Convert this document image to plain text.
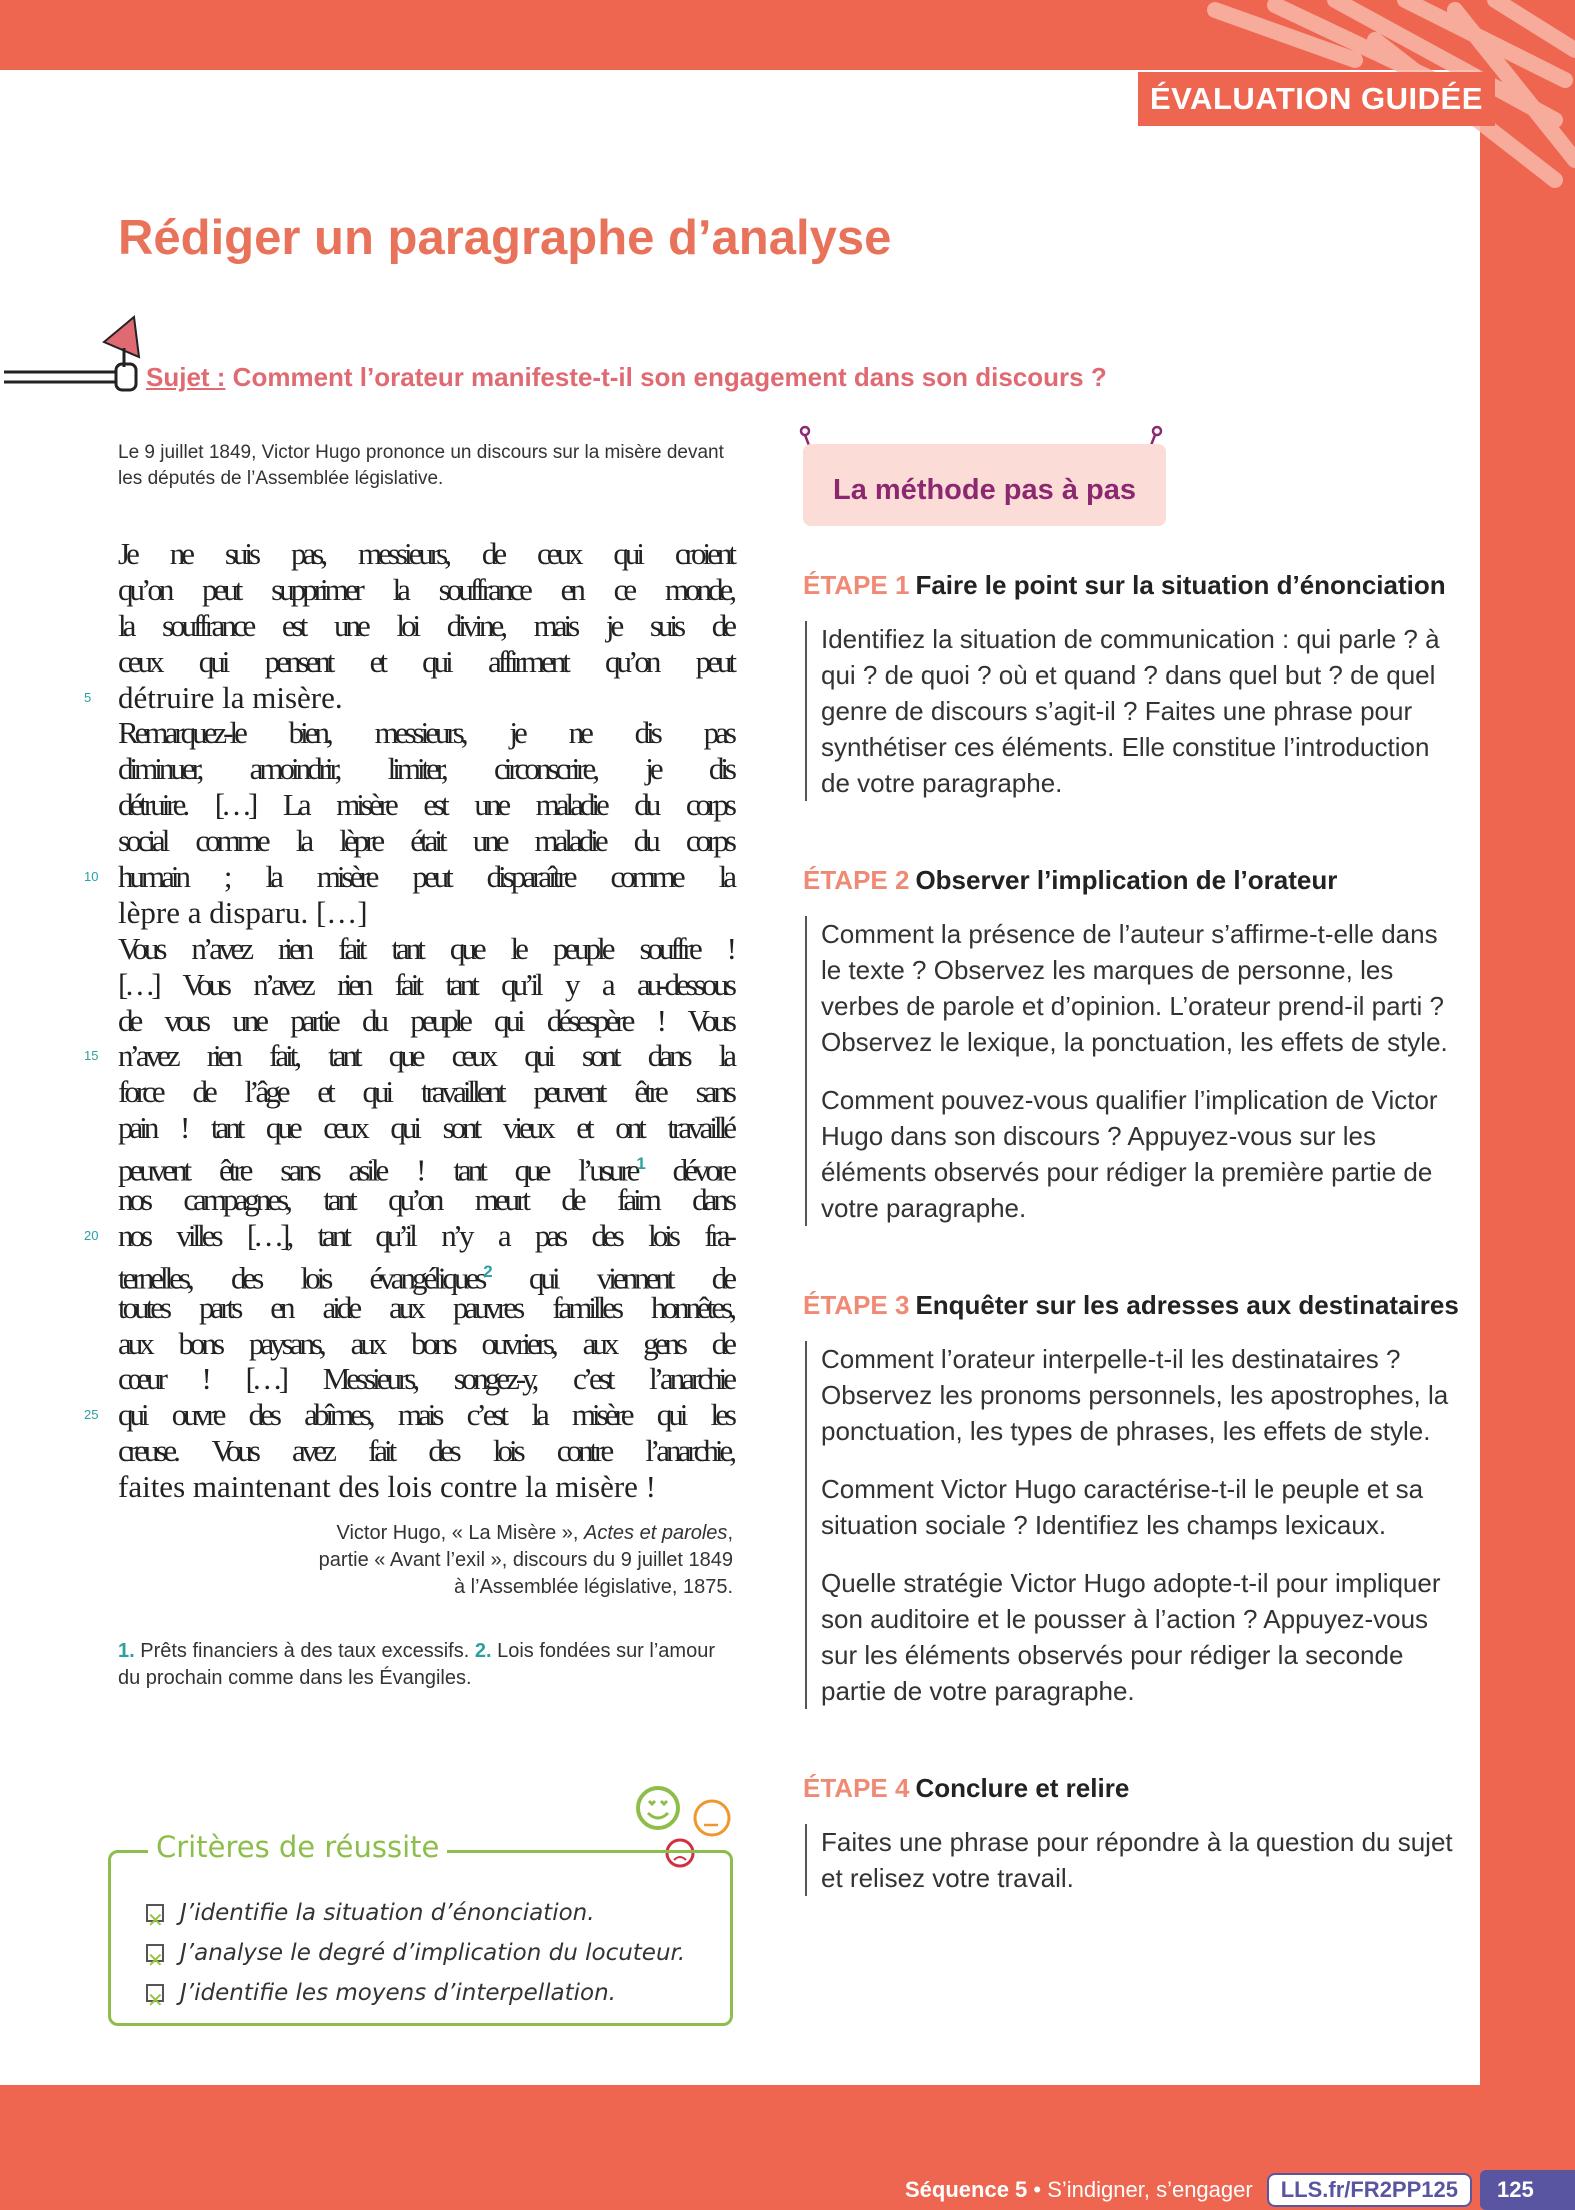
ÉVALUATION GUIDÉE
Rédiger un paragraphe d’analyse
Sujet : Comment l’orateur manifeste-t-il son engagement dans son discours ?

Le 9 juillet 1849, Victor Hugo prononce un discours sur la misère devant les députés de l’Assemblée législative.

Je ne suis pas, messieurs, de ceux qui croient
qu’on peut supprimer la souffrance en ce monde,
la souffrance est une loi divine, mais je suis de
ceux qui pensent et qui affirment qu’on peut
5 détruire la misère.
Remarquez-le bien, messieurs, je ne dis pas
diminuer, amoindrir, limiter, circonscrire, je dis
détruire. […] La misère est une maladie du corps
social comme la lèpre était une maladie du corps
10 humain ; la misère peut disparaître comme la
lèpre a disparu. […]
Vous n’avez rien fait tant que le peuple souffre !
[…] Vous n’avez rien fait tant qu’il y a au-dessous
de vous une partie du peuple qui désespère ! Vous
15 n’avez rien fait, tant que ceux qui sont dans la
force de l’âge et qui travaillent peuvent être sans
pain ! tant que ceux qui sont vieux et ont travaillé
peuvent être sans asile ! tant que l’usure$^1$ dévore
nos campagnes, tant qu’on meurt de faim dans
20 nos villes […], tant qu’il n’y a pas des lois fra-
ternelles, des lois évangéliques$^2$ qui viennent de
toutes parts en aide aux pauvres familles honnêtes,
aux bons paysans, aux bons ouvriers, aux gens de
cœur ! […] Messieurs, songez-y, c’est l’anarchie
25 qui ouvre des abîmes, mais c’est la misère qui les
creuse. Vous avez fait des lois contre l’anarchie,
faites maintenant des lois contre la misère !
Victor Hugo, « La Misère », Actes et paroles,
partie « Avant l’exil », discours du 9 juillet 1849
à l’Assemblée législative, 1875.

1. Prêts financiers à des taux excessifs. 2. Lois fondées sur l’amour du prochain comme dans les Évangiles.

La méthode pas à pas
ÉTAPE 1 Faire le point sur la situation d’énonciation

Identifiez la situation de communication : qui parle ? à qui ? de quoi ? où et quand ? dans quel but ? de quel genre de discours s’agit-il ? Faites une phrase pour synthétiser ces éléments. Elle constitue l’introduction de votre paragraphe.

ÉTAPE 2 Observer l’implication de l’orateur

Comment la présence de l’auteur s’affirme-t-elle dans le texte ? Observez les marques de personne, les verbes de parole et d’opinion. L’orateur prend-il parti ? Observez le lexique, la ponctuation, les effets de style.

Comment pouvez-vous qualifier l’implication de Victor Hugo dans son discours ? Appuyez-vous sur les éléments observés pour rédiger la première partie de votre paragraphe.

ÉTAPE 3 Enquêter sur les adresses aux destinataires

Comment l’orateur interpelle-t-il les destinataires ? Observez les pronoms personnels, les apostrophes, la ponctuation, les types de phrases, les effets de style.

Comment Victor Hugo caractérise-t-il le peuple et sa situation sociale ? Identifiez les champs lexicaux.

Quelle stratégie Victor Hugo adopte-t-il pour impliquer son auditoire et le pousser à l’action ? Appuyez-vous sur les éléments observés pour rédiger la seconde partie de votre paragraphe.

ÉTAPE 4 Conclure et relire

Faites une phrase pour répondre à la question du sujet et relisez votre travail.

✕J’identifie la situation d’énonciation.
✕J’analyse le degré d’implication du locuteur.
✕J’identifie les moyens d’interpellation.
Critères de réussite
Séquence 5 • S’indigner, s’engager	LLS.fr/FR2PP125	125
